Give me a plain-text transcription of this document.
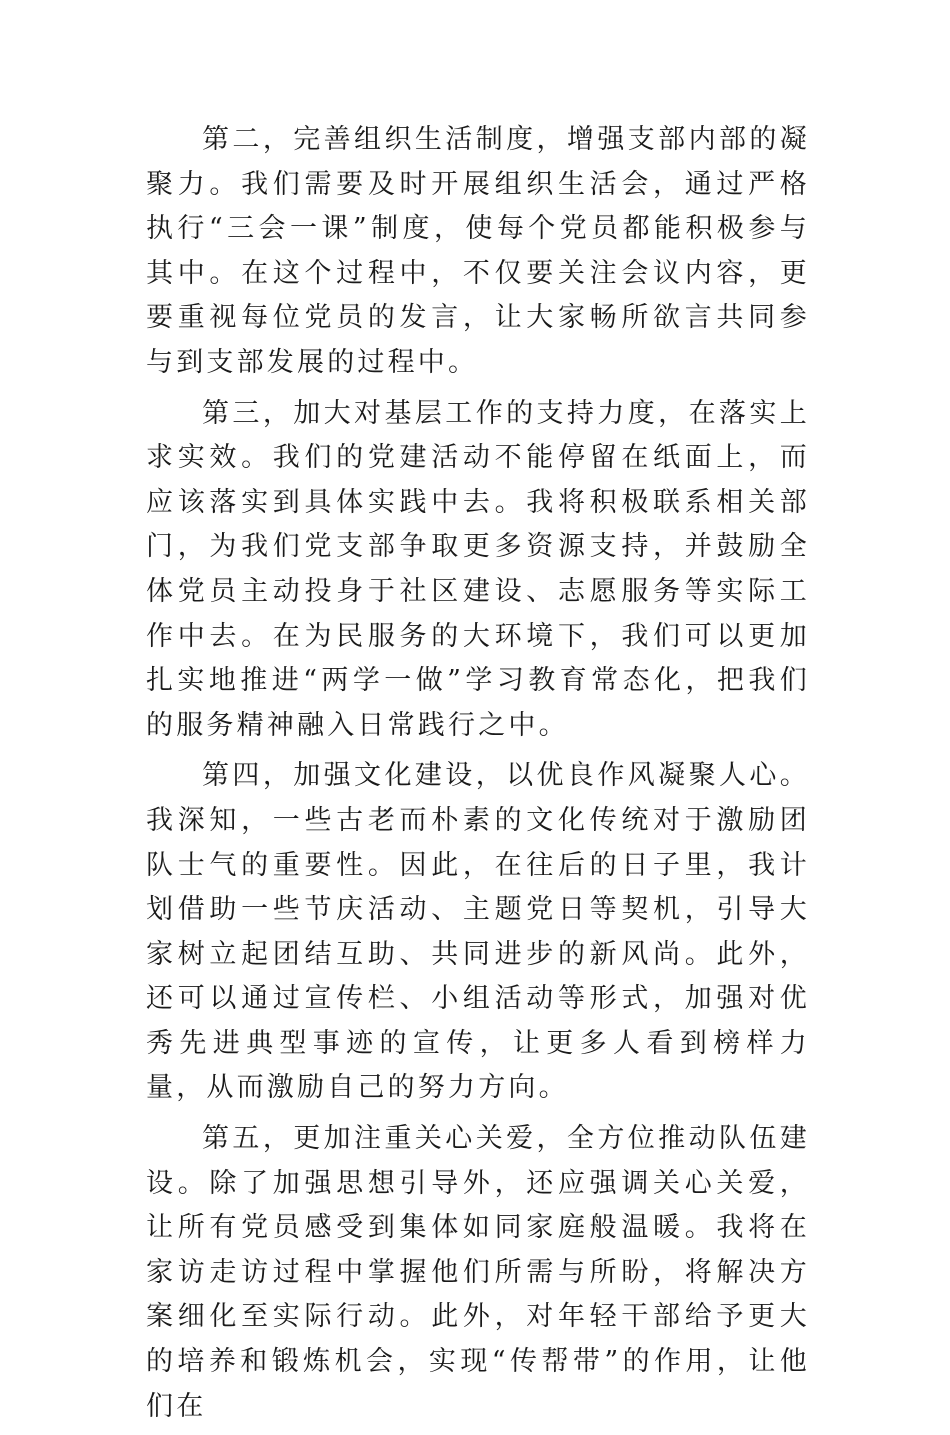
第二，完善组织生活制度，增强支部内部的凝聚力。我们需要及时开展组织生活会，通过严格执行“三会一课”制度，使每个党员都能积极参与其中。在这个过程中，不仅要关注会议内容，更要重视每位党员的发言，让大家畅所欲言共同参与到支部发展的过程中。

第三，加大对基层工作的支持力度，在落实上求实效。我们的党建活动不能停留在纸面上，而应该落实到具体实践中去。我将积极联系相关部门，为我们党支部争取更多资源支持，并鼓励全体党员主动投身于社区建设、志愿服务等实际工作中去。在为民服务的大环境下，我们可以更加扎实地推进“两学一做”学习教育常态化，把我们的服务精神融入日常践行之中。

第四，加强文化建设，以优良作风凝聚人心。我深知，一些古老而朴素的文化传统对于激励团队士气的重要性。因此，在往后的日子里，我计划借助一些节庆活动、主题党日等契机，引导大家树立起团结互助、共同进步的新风尚。此外，还可以通过宣传栏、小组活动等形式，加强对优秀先进典型事迹的宣传，让更多人看到榜样力量，从而激励自己的努力方向。

第五，更加注重关心关爱，全方位推动队伍建设。除了加强思想引导外，还应强调关心关爱，让所有党员感受到集体如同家庭般温暖。我将在家访走访过程中掌握他们所需与所盼，将解决方案细化至实际行动。此外，对年轻干部给予更大的培养和锻炼机会，实现“传帮带”的作用，让他们在
